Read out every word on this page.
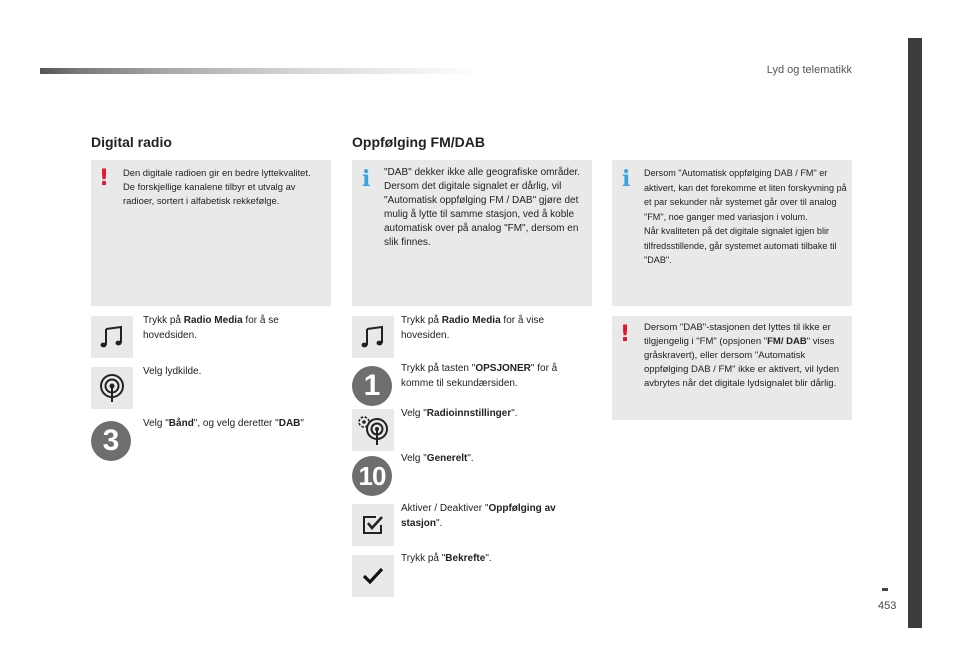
Lyd og telematikk
453
Digital radio
! Den digitale radioen gir en bedre lyttekvalitet.
De forskjellige kanalene tilbyr et utvalg av radioer, sortert i alfabetisk rekkefølge.
Trykk på Radio Media for å se hovedsiden.
Velg lydkilde.
3
Velg "Bånd", og velg deretter "DAB"
Oppfølging FM/DAB
i "DAB" dekker ikke alle geografiske områder.
Dersom det digitale signalet er dårlig, vil "Automatisk oppfølging FM / DAB" gjøre det mulig å lytte til samme stasjon, ved å koble automatisk over på analog "FM", dersom en slik finnes.
Trykk på Radio Media for å vise hovesiden.
1
Trykk på tasten "OPSJONER" for å komme til sekundærsiden.
Velg "Radioinnstillinger".
10
Velg "Generelt".
Aktiver / Deaktiver "Oppfølging av stasjon".
Trykk på "Bekrefte".
i Dersom "Automatisk oppfølging DAB / FM" er aktivert, kan det forekomme et liten forskyvning på et par sekunder når systemet går over til analog "FM", noe ganger med variasjon i volum.
Når kvaliteten på det digitale signalet igjen blir tilfredsstillende, går systemet automati tilbake til "DAB".
! Dersom "DAB"-stasjonen det lyttes til ikke er tilgjengelig i "FM" (opsjonen "FM/ DAB" vises gråskravert), eller dersom "Automatisk oppfølging DAB / FM" ikke er aktivert, vil lyden avbrytes når det digitale lydsignalet blir dårlig.
